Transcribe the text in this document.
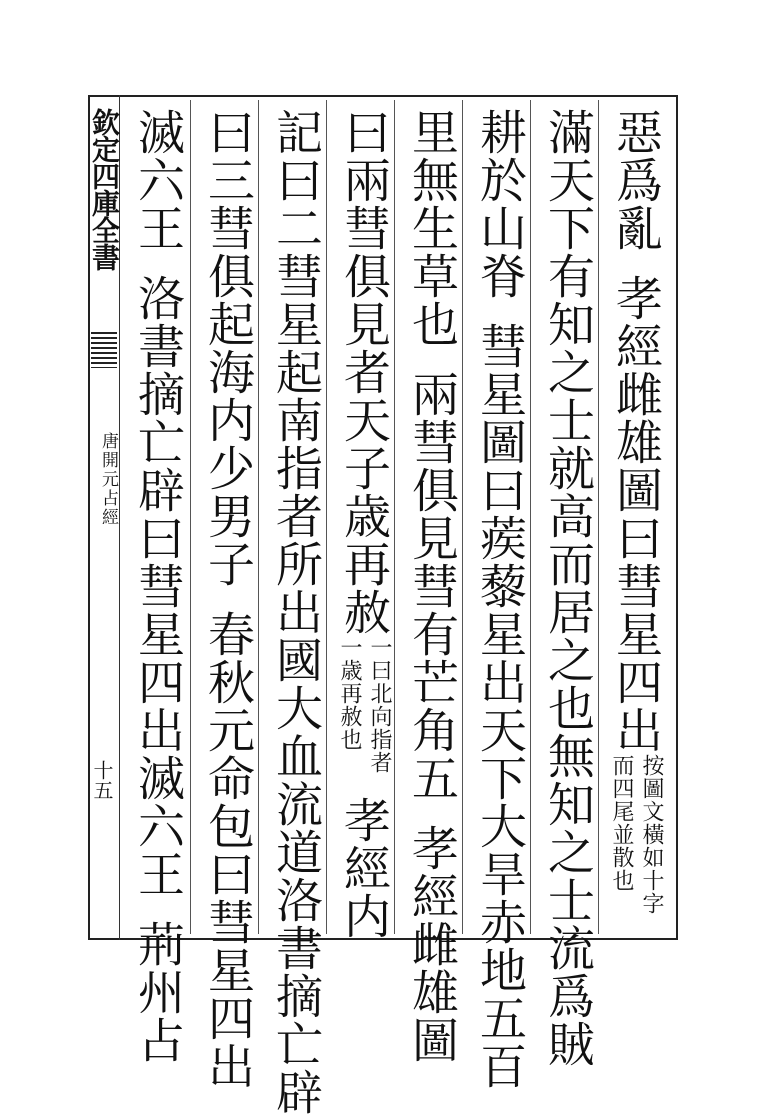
欽定四庫全書
唐開元占經
十五
惡爲亂孝經雌雄圖曰彗星四出
按圖文橫如十字
而四尾並散也
滿天下有知之士就高而居之也無知之士流爲賊
耕於山脊彗星圖曰蒺藜星出天下大旱赤地五百
里無生草也兩彗俱見彗有芒角五孝經雌雄圖
曰兩彗俱見者天子歳再赦
一曰北向指者
一歳再赦也
孝經内
記曰二彗星起南指者所出國大血流道洛書摘亡辟
曰三彗俱起海内少男子春秋元命包曰彗星四出
滅六王洛書摘亡辟曰彗星四出滅六王荊州占
